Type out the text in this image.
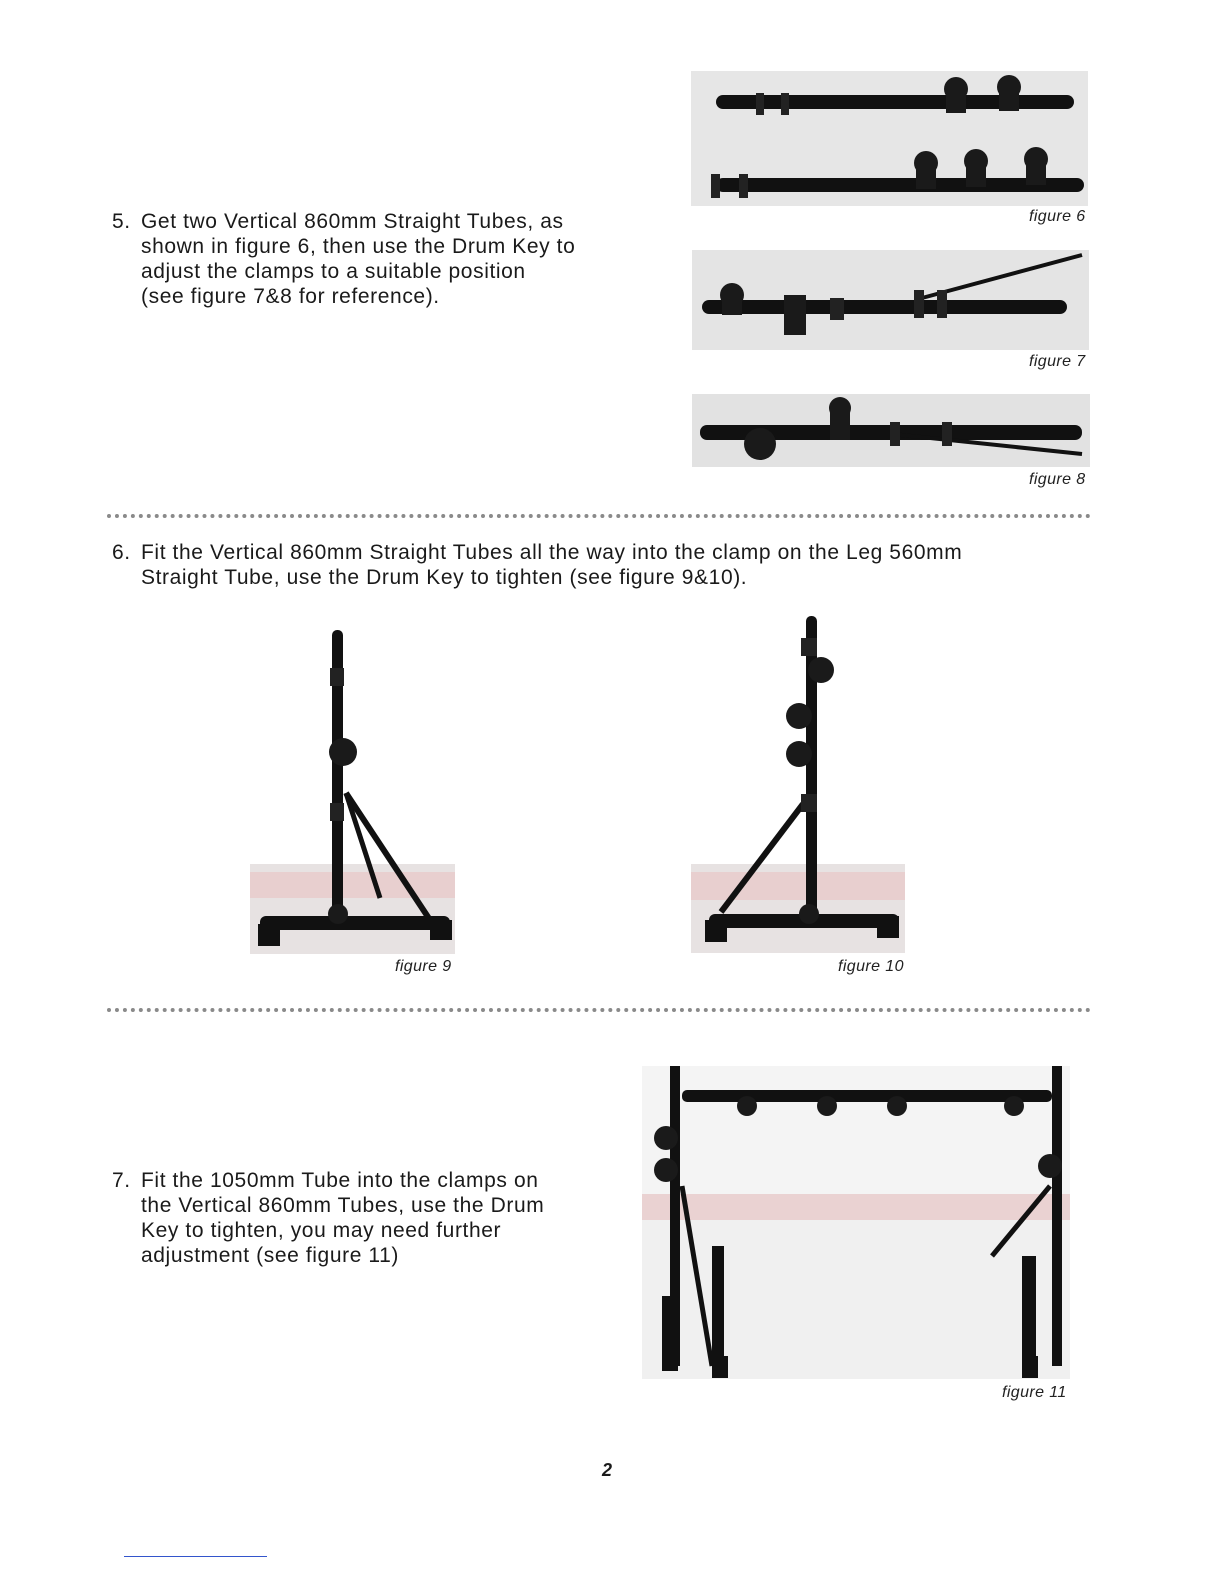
5. Get two Vertical 860mm Straight Tubes, as
shown in figure 6, then use the Drum Key to
adjust the clamps to a suitable position
(see figure 7&8 for reference).
figure 6
figure 7
figure 8
6. Fit the Vertical 860mm Straight Tubes all the way into the clamp on the Leg 560mm
Straight Tube, use the Drum Key to tighten (see figure 9&10).
figure 9	figure 10
7. Fit the 1050mm Tube into the clamps on
the Vertical 860mm Tubes, use the Drum
Key to tighten, you may need further
adjustment (see figure 11)
figure 11
2
